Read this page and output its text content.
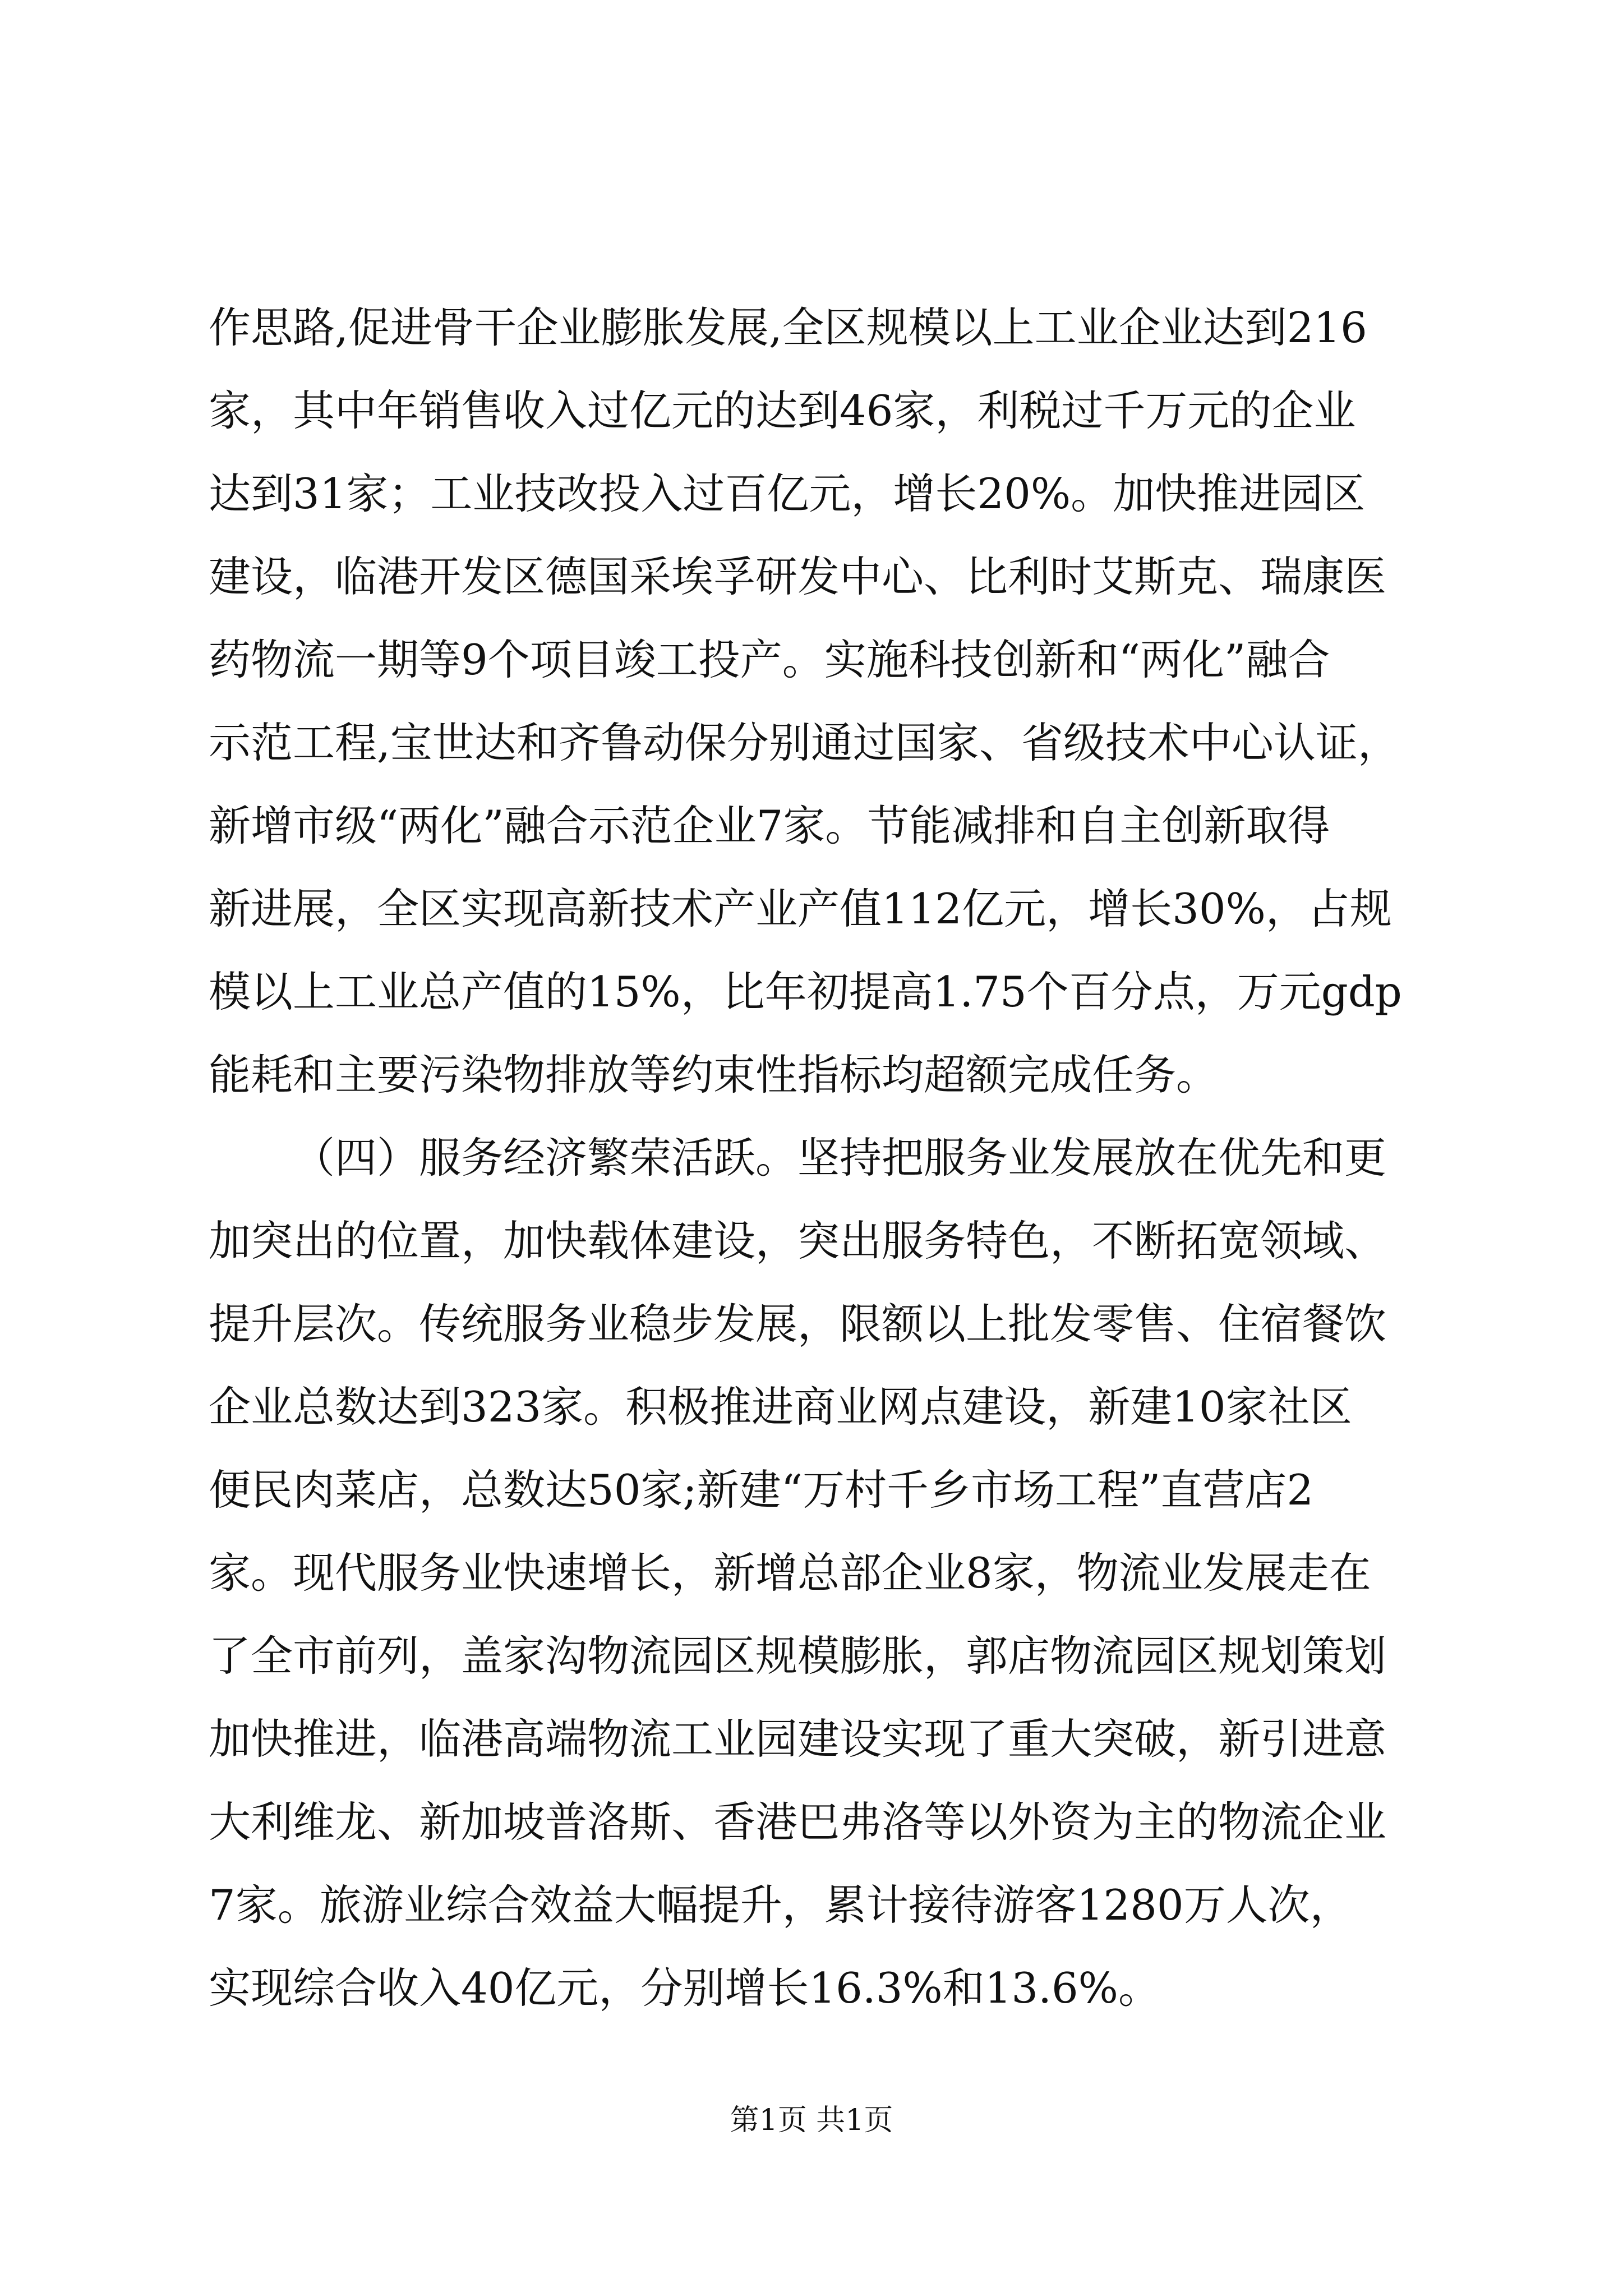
作思路,促进骨干企业膨胀发展,全区规模以上工业企业达到216
家，其中年销售收入过亿元的达到46家，利税过千万元的企业
达到31家；工业技改投入过百亿元，增长20%。加快推进园区
建设，临港开发区德国采埃孚研发中心、比利时艾斯克、瑞康医
药物流一期等9个项目竣工投产。实施科技创新和“两化”融合
示范工程,宝世达和齐鲁动保分别通过国家、省级技术中心认证，
新增市级“两化”融合示范企业7家。节能减排和自主创新取得
新进展，全区实现高新技术产业产值112亿元，增长30%，占规
模以上工业总产值的15%，比年初提高1.75个百分点，万元gdp
能耗和主要污染物排放等约束性指标均超额完成任务。
（四）服务经济繁荣活跃。坚持把服务业发展放在优先和更
加突出的位置，加快载体建设，突出服务特色，不断拓宽领域、
提升层次。传统服务业稳步发展，限额以上批发零售、住宿餐饮
企业总数达到323家。积极推进商业网点建设，新建10家社区
便民肉菜店，总数达50家;新建“万村千乡市场工程”直营店2
家。现代服务业快速增长，新增总部企业8家，物流业发展走在
了全市前列，盖家沟物流园区规模膨胀，郭店物流园区规划策划
加快推进，临港高端物流工业园建设实现了重大突破，新引进意
大利维龙、新加坡普洛斯、香港巴弗洛等以外资为主的物流企业
7家。旅游业综合效益大幅提升，累计接待游客1280万人次，
实现综合收入40亿元，分别增长16.3%和13.6%。
第1页 共1页
